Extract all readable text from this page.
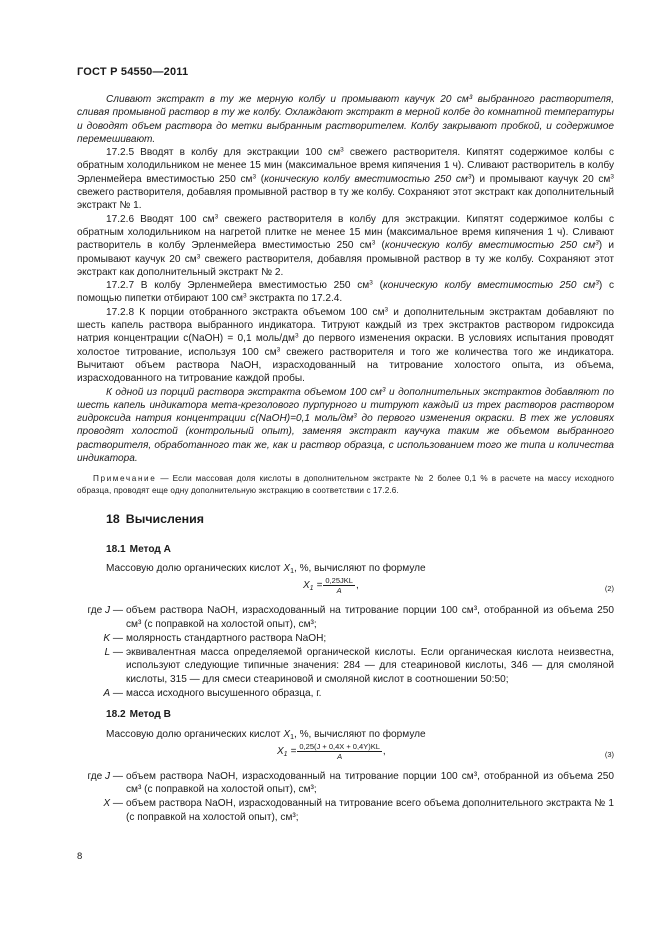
ГОСТ Р 54550—2011

Сливают экстракт в ту же мерную колбу и промывают каучук 20 см³ выбранного растворителя, сливая промывной раствор в ту же колбу. Охлаждают экстракт в мерной колбе до комнатной температуры и доводят объем раствора до метки выбранным растворителем. Колбу закрывают пробкой, и содержимое перемешивают.

17.2.5 Вводят в колбу для экстракции 100 $см^3$ свежего растворителя. Кипятят содержимое колбы с обратным холодильником не менее 15 мин (максимальное время кипячения 1 ч). Сливают растворитель в колбу Эрленмейера вместимостью 250 $см^3$ (коническую колбу вместимостью 250 $см^3$) и промывают каучук 20 $см^3$ свежего растворителя, добавляя промывной раствор в ту же колбу. Сохраняют этот экстракт как дополнительный экстракт № 1.

17.2.6 Вводят 100 $см^3$ свежего растворителя в колбу для экстракции. Кипятят содержимое колбы с обратным холодильником на нагретой плитке не менее 15 мин (максимальное время кипячения 1 ч). Сливают растворитель в колбу Эрленмейера вместимостью 250 $см^3$ (коническую колбу вместимостью 250 $см^3$) и промывают каучук 20 $см^3$ свежего растворителя, добавляя промывной раствор в ту же колбу. Сохраняют этот экстракт как дополнительный экстракт № 2.

17.2.7 В колбу Эрленмейера вместимостью 250 $см^3$ (коническую колбу вместимостью 250 $см^3$) с помощью пипетки отбирают 100 $см^3$ экстракта по 17.2.4.

17.2.8 К порции отобранного экстракта объемом 100 $см^3$ и дополнительным экстрактам добавляют по шесть капель раствора выбранного индикатора. Титруют каждый из трех экстрактов раствором гидроксида натрия концентрации c(NaOH) = 0,1 моль/$дм^3$ до первого изменения окраски. В условиях испытания проводят холостое титрование, используя 100 $см^3$ свежего растворителя и того же количества того же индикатора. Вычитают объем раствора NaOH, израсходованный на титрование холостого опыта, из объема, израсходованного на титрование каждой пробы.

К одной из порций раствора экстракта объемом 100 $см^3$ и дополнительных экстрактов добавляют по шесть капель индикатора мета-крезолового пурпурного и титруют каждый из трех растворов раствором гидроксида натрия концентрации c(NaOH)=0,1 моль/$дм^3$ до первого изменения окраски. В тех же условиях проводят холостой (контрольный опыт), заменяя экстракт каучука таким же объемом выбранного растворителя, обработанного так же, как и раствор образца, с использованием того же типа и количества индикатора.

Примечание — Если массовая доля кислоты в дополнительном экстракте № 2 более 0,1 % в расчете на массу исходного образца, проводят еще одну дополнительную экстракцию в соответствии с 17.2.6.

18 Вычисления
18.1 Метод А
Массовую долю органических кислот $X_1$, %, вычисляют по формуле
$X_1 = \frac{\text{0,25JKL}}{A}$ ,	(2)
где J — объем раствора NaOH, израсходованный на титрование порции 100 см³, отобранной из объема 250 см³ (с поправкой на холостой опыт), см³;
K — молярность стандартного раствора NaOH;
L — эквивалентная масса определяемой органической кислоты. Если органическая кислота неизвестна, используют следующие типичные значения: 284 — для стеариновой кислоты, 346 — для смоляной кислоты, 315 — для смеси стеариновой и смоляной кислот в соотношении 50:50;
A — масса исходного высушенного образца, г.
18.2 Метод В
Массовую долю органических кислот $X_1$, %, вычисляют по формуле
$X_1 = \frac{0,25(J + 0,4X + 0,4Y)KL}{A}$ ,	(3)
где J — объем раствора NaOH, израсходованный на титрование порции 100 см³, отобранной из объема 250 см³ (с поправкой на холостой опыт), см³;
X — объем раствора NaOH, израсходованный на титрование всего объема дополнительного экстракта № 1 (с поправкой на холостой опыт), см³;
8
